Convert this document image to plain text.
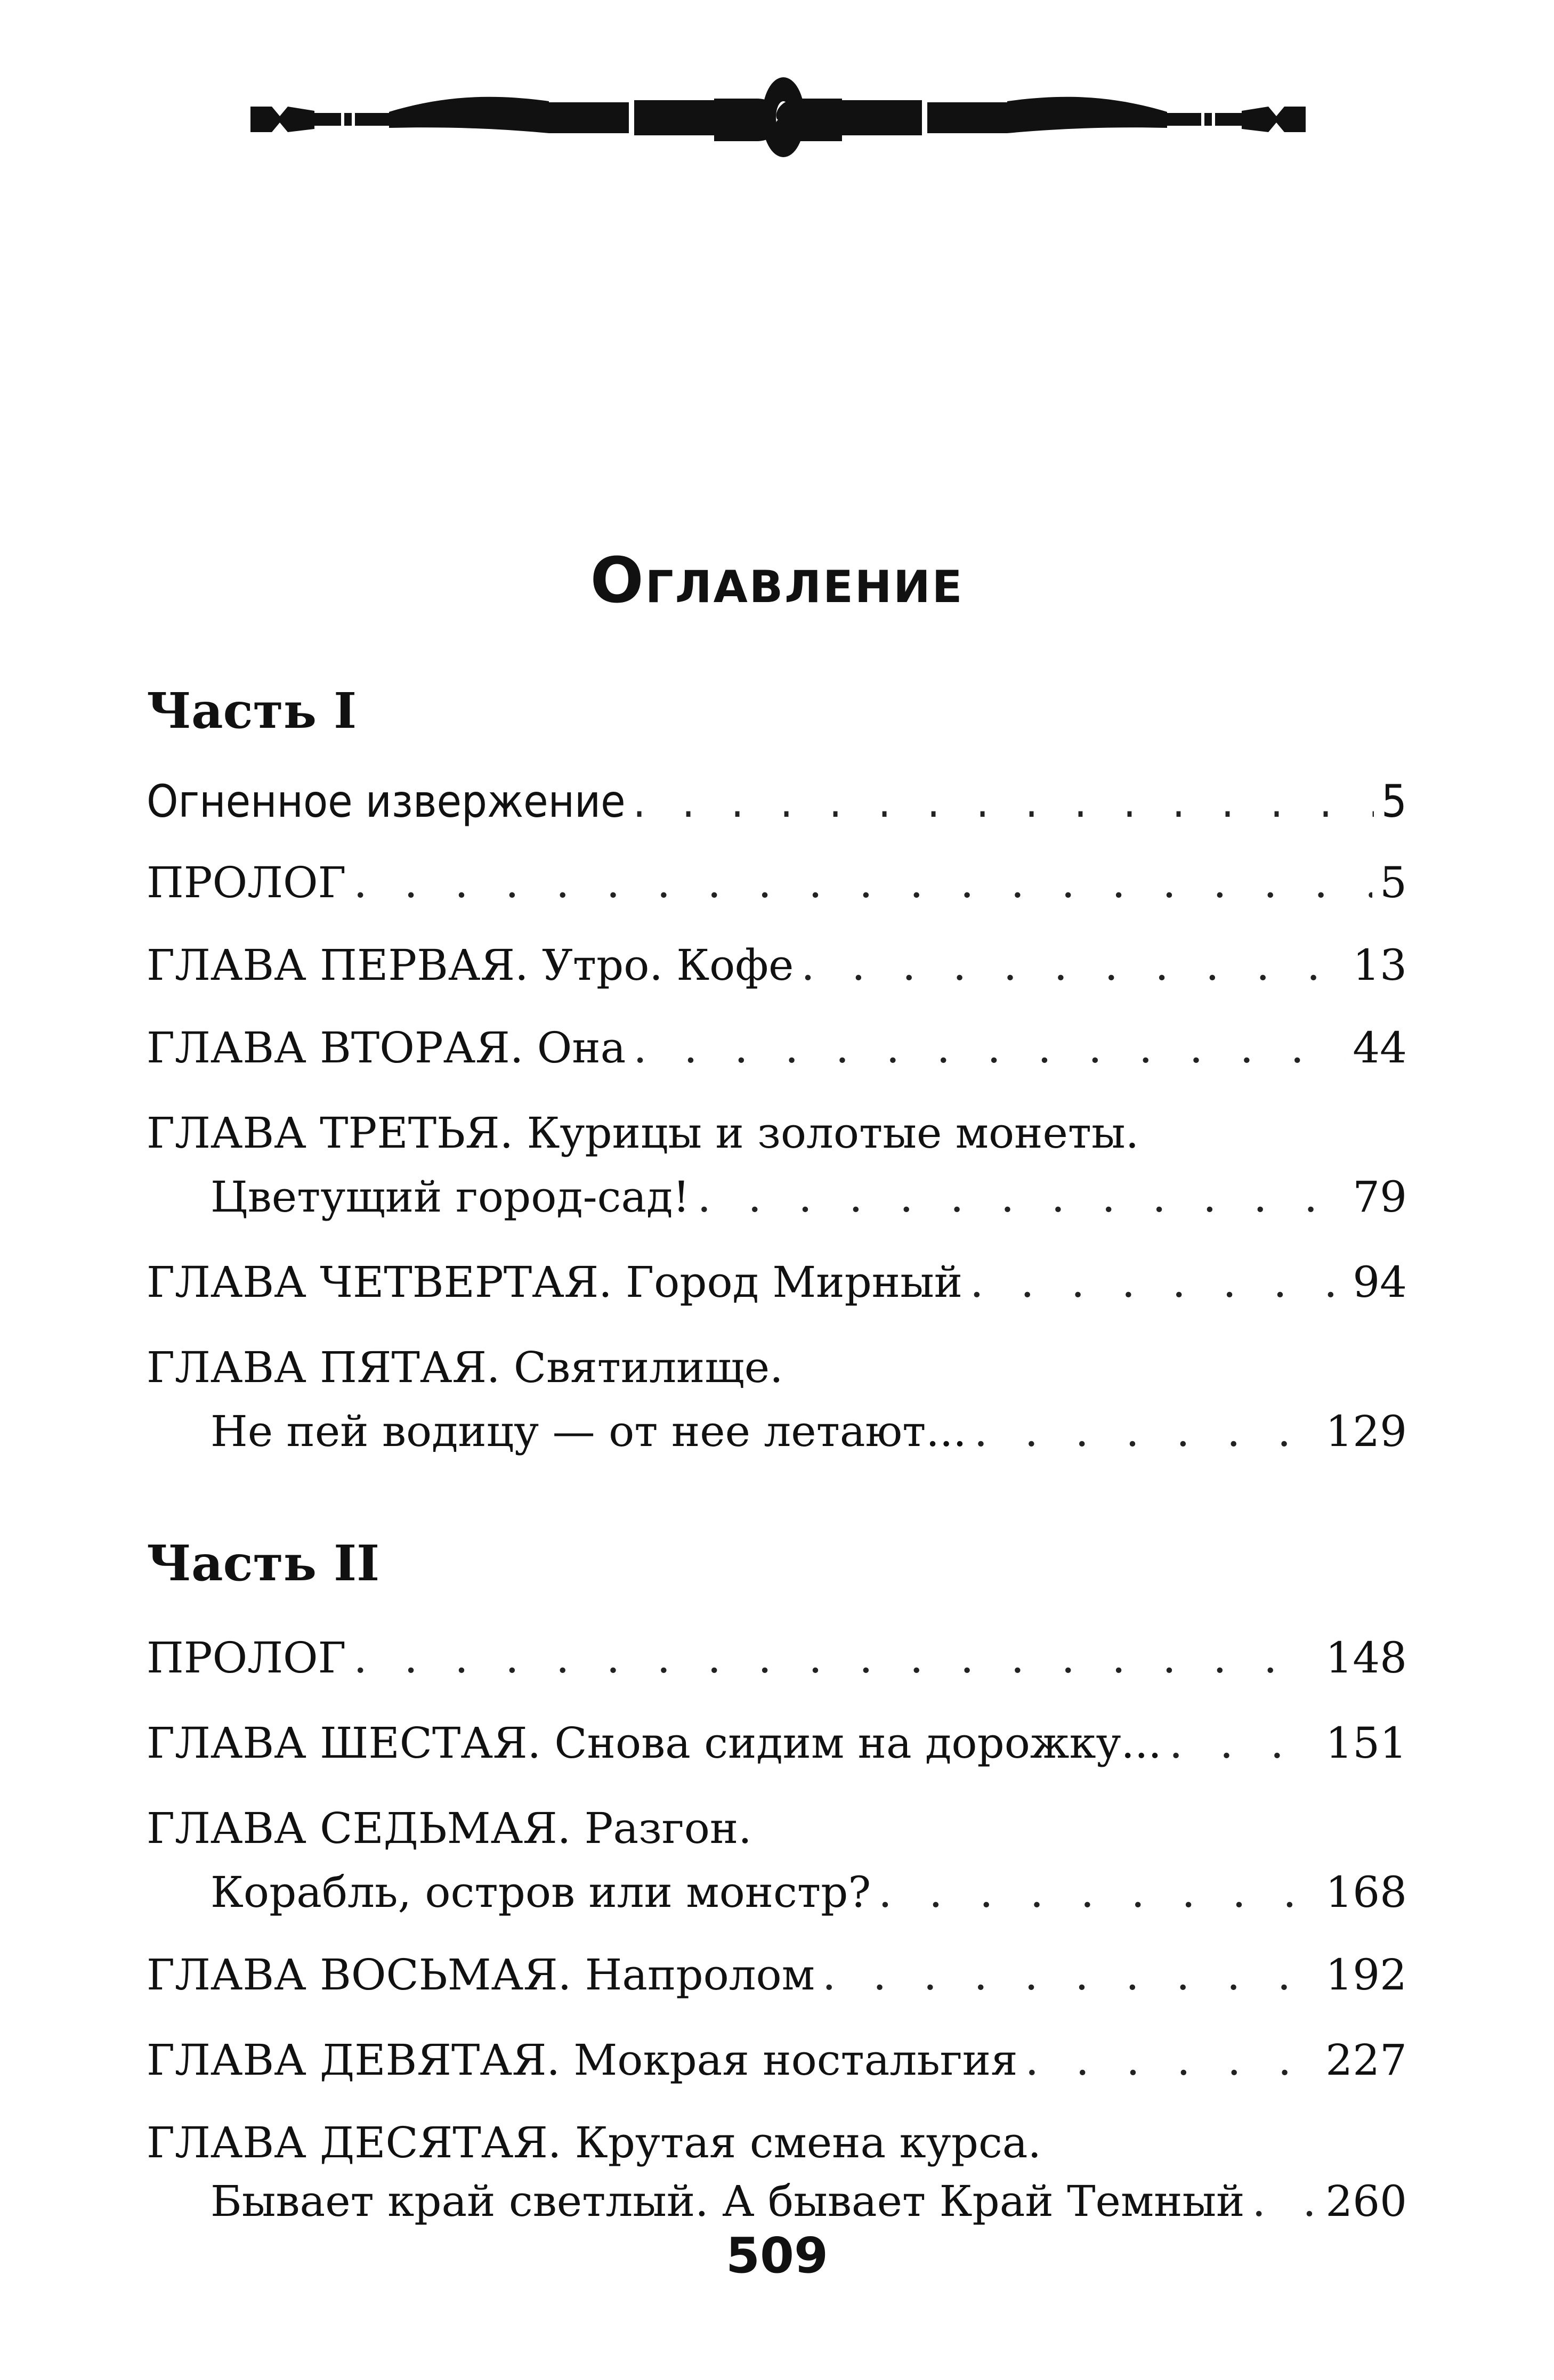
Оглавление
Часть I
Огненное извержение . . .	5
ПРОЛОГ . . .	5
ГЛАВА ПЕРВАЯ. Утро. Кофе . . .	13
ГЛАВА ВТОРАЯ. Она . . .	44
ГЛАВА ТРЕТЬЯ. Курицы и золотые монеты.
Цветущий город-сад! . . .	79
ГЛАВА ЧЕТВЕРТАЯ. Город Мирный . . .	94
ГЛАВА ПЯТАЯ. Святилище.
Не пей водицу — от нее летают... . . .	129
Часть II
ПРОЛОГ . . .	148
ГЛАВА ШЕСТАЯ. Снова сидим на дорожку... . . .	151
ГЛАВА СЕДЬМАЯ. Разгон.
Корабль, остров или монстр? . . .	168
ГЛАВА ВОСЬМАЯ. Напролом . . .	192
ГЛАВА ДЕВЯТАЯ. Мокрая ностальгия . . .	227
ГЛАВА ДЕСЯТАЯ. Крутая смена курса.
Бывает край светлый. А бывает Край Темный . . . 260
509
